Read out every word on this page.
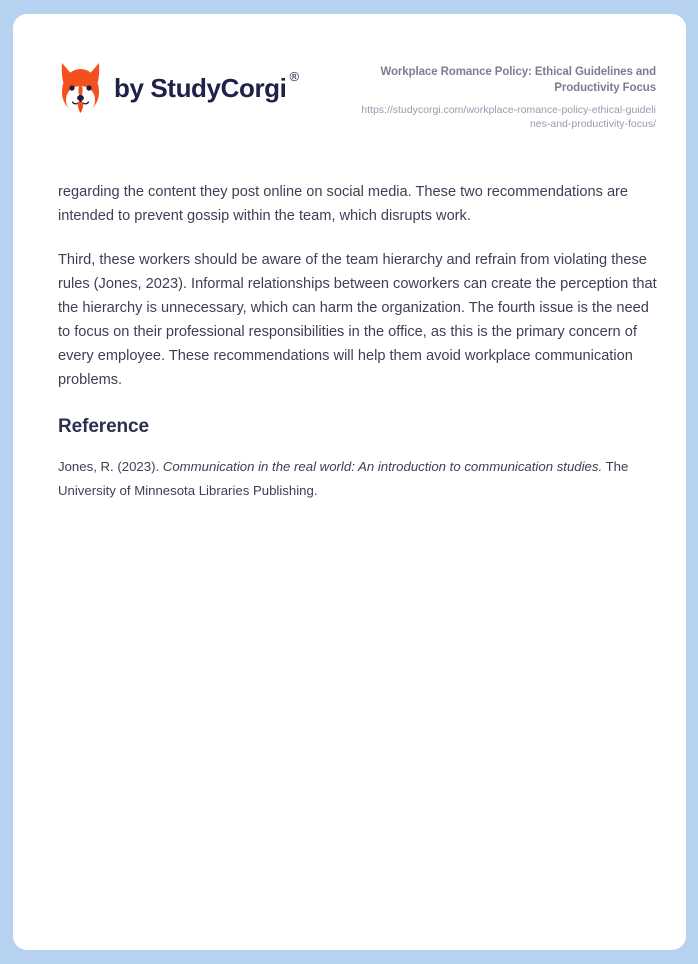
by StudyCorgi ®	Workplace Romance Policy: Ethical Guidelines and Productivity Focus
https://studycorgi.com/workplace-romance-policy-ethical-guidelines-and-productivity-focus/

regarding the content they post online on social media. These two recommendations are intended to prevent gossip within the team, which disrupts work.

Third, these workers should be aware of the team hierarchy and refrain from violating these rules (Jones, 2023). Informal relationships between coworkers can create the perception that the hierarchy is unnecessary, which can harm the organization. The fourth issue is the need to focus on their professional responsibilities in the office, as this is the primary concern of every employee. These recommendations will help them avoid workplace communication problems.

Reference

Jones, R. (2023). Communication in the real world: An introduction to communication studies. The University of Minnesota Libraries Publishing.
